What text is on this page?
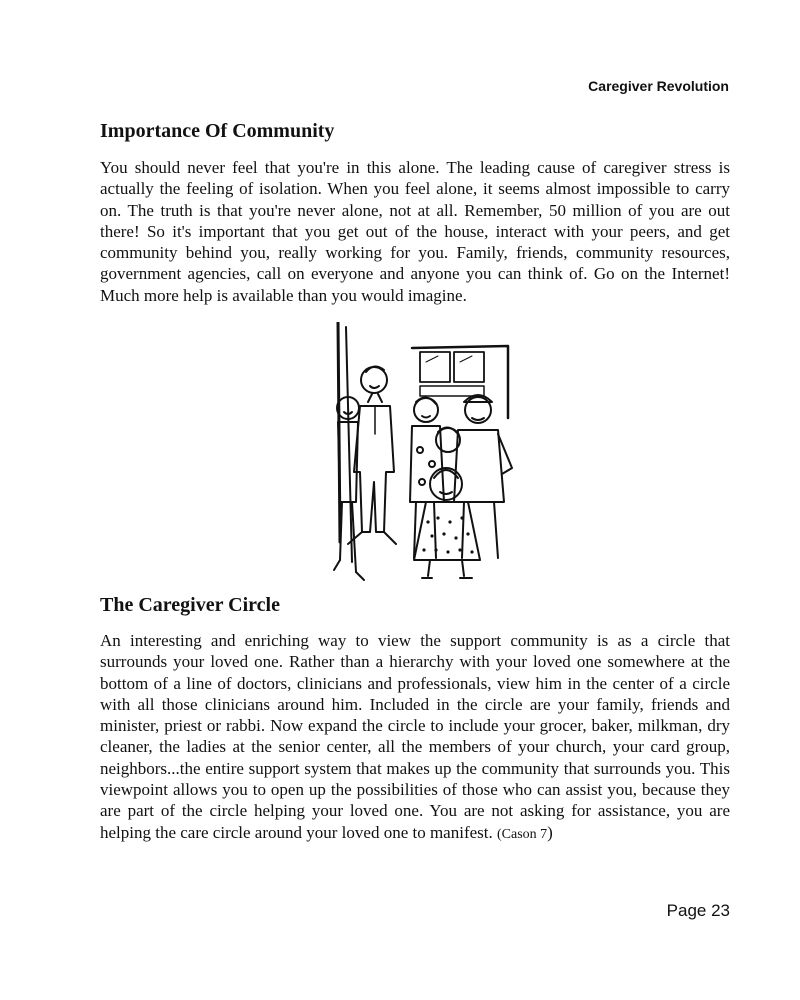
Caregiver Revolution
Importance Of Community

You should never feel that you're in this alone. The leading cause of caregiver stress is actually the feeling of isolation. When you feel alone, it seems almost impossible to carry on. The truth is that you're never alone, not at all. Remember, 50 million of you are out there! So it's important that you get out of the house, interact with your peers, and get community behind you, really working for you. Family, friends, community resources, government agencies, call on everyone and anyone you can think of. Go on the Internet! Much more help is available than you would imagine.

The Caregiver Circle

An interesting and enriching way to view the support community is as a circle that surrounds your loved one. Rather than a hierarchy with your loved one somewhere at the bottom of a line of doctors, clinicians and professionals, view him in the center of a circle with all those clinicians around him. Included in the circle are your family, friends and minister, priest or rabbi. Now expand the circle to include your grocer, baker, milkman, dry cleaner, the ladies at the senior center, all the members of your church, your card group, neighbors...the entire support system that makes up the community that surrounds you. This viewpoint allows you to open up the possibilities of those who can assist you, because they are part of the circle helping your loved one. You are not asking for assistance, you are helping the care circle around your loved one to manifest. (Cason 7)

Page 23
